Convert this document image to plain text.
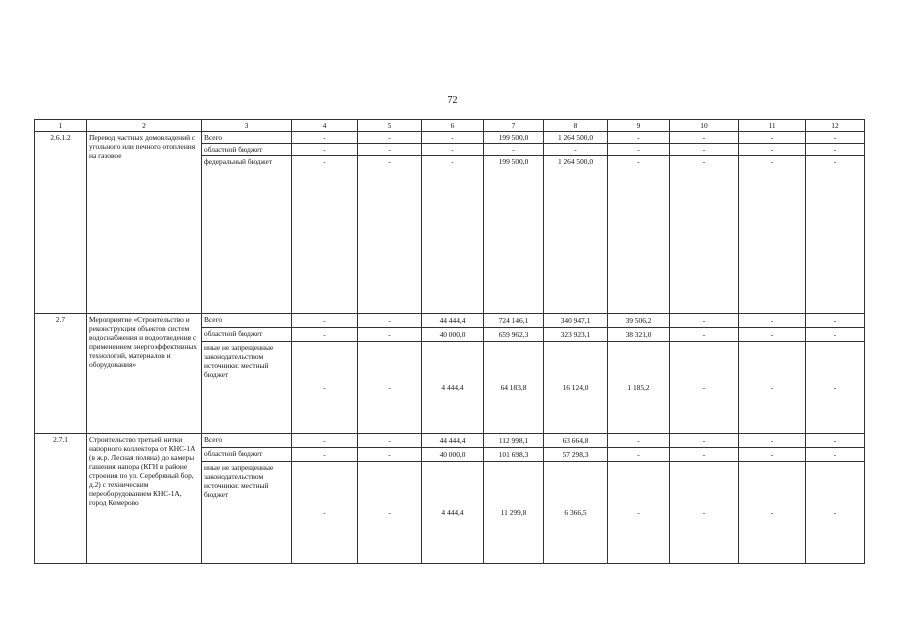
72
1	2	3	4	5	6	7	8	9	10	11	12
2.6.1.2	Перевод частных домовладений с угольного или печного отопления на газовое	Всего	-	-	-	199 500,0	1 264 500,0	-	-	-	-
		областной бюджет	-	-	-	-	-	-	-	-	-
		федеральный бюджет	-	-	-	199 500,0	1 264 500,0	-	-	-	-
2.7	Мероприятие «Строительство и реконструкция объектов систем водоснабжения и водоотведения с применением энергоэффективных технологий, материалов и оборудования»	Всего	-	-	44 444,4	724 146,1	340 947,1	39 506,2	-	-	-
		областной бюджет	-	-	40 000,0	659 962,3	323 923,1	38 321,0	-	-	-
		иные не запрещенные законодательством источники: местный бюджет	-	-	4 444,4	64 183,8	16 124,0	1 185,2	-	-	-
2.7.1	Строительство третьей нитки напорного коллектора от КНС-1А (в ж.р. Лесная поляна) до камеры гашения напора (КГН в районе строения по ул. Серебряный бор, д.2) с техническим переоборудованием КНС-1А, город Кемерово	Всего	-	-	44 444,4	112 998,1	63 664,8	-	-	-	-
		областной бюджет	-	-	40 000,0	101 698,3	57 298,3	-	-	-	-
		иные не запрещенные законодательством источники: местный бюджет	-	-	4 444,4	11 299,8	6 366,5	-	-	-	-
